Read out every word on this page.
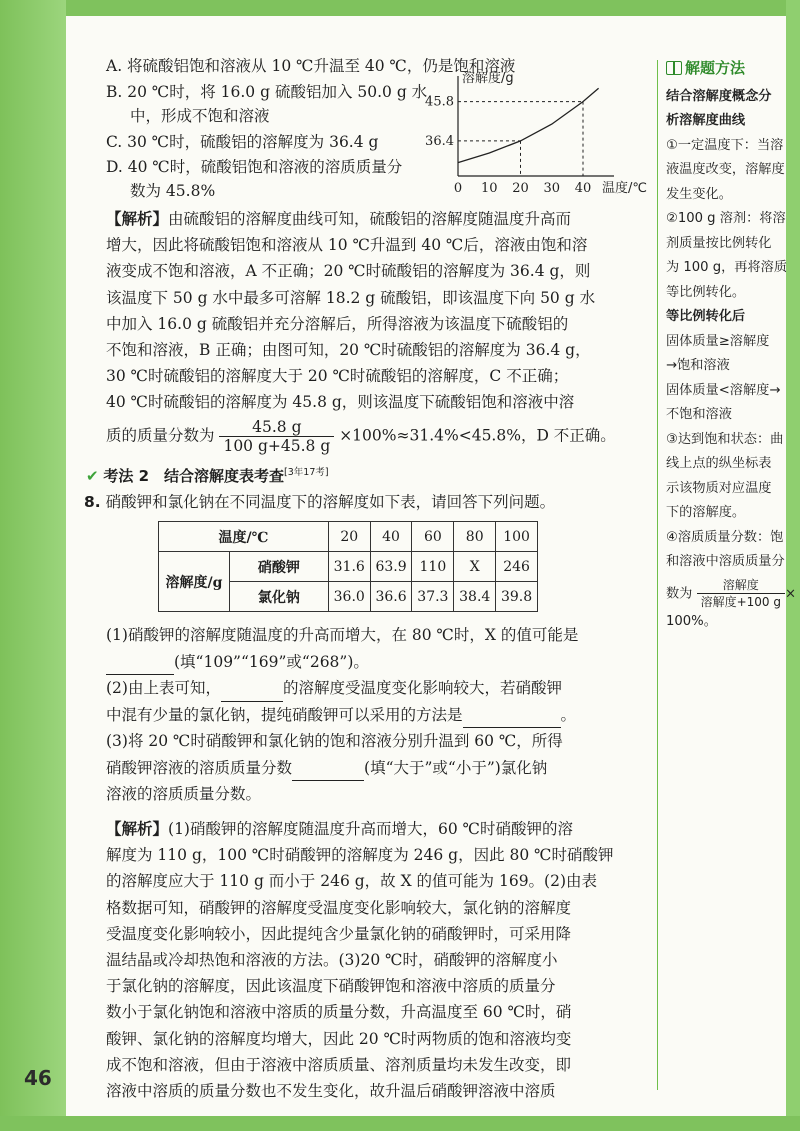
A. 将硫酸铝饱和溶液从 10 ℃升温至 40 ℃，仍是饱和溶液
B. 20 ℃时，将 16.0 g 硫酸铝加入 50.0 g 水
中，形成不饱和溶液
C. 30 ℃时，硫酸铝的溶解度为 36.4 g
D. 40 ℃时，硫酸铝饱和溶液的溶质质量分
数为 45.8%
36.4
45.8
0 10 20 30 40
溶解度/g
温度/℃
【解析】由硫酸铝的溶解度曲线可知，硫酸铝的溶解度随温度升高而
增大，因此将硫酸铝饱和溶液从 10 ℃升温到 40 ℃后，溶液由饱和溶
液变成不饱和溶液，A 不正确；20 ℃时硫酸铝的溶解度为 36.4 g，则
该温度下 50 g 水中最多可溶解 18.2 g 硫酸铝，即该温度下向 50 g 水
中加入 16.0 g 硫酸铝并充分溶解后，所得溶液为该温度下硫酸铝的
不饱和溶液，B 正确；由图可知，20 ℃时硫酸铝的溶解度为 36.4 g，
30 ℃时硫酸铝的溶解度大于 20 ℃时硫酸铝的溶解度，C 不正确；
40 ℃时硫酸铝的溶解度为 45.8 g，则该温度下硫酸铝饱和溶液中溶
质的质量分数为 $\frac{45.8 g}{100 g+45.8 g} \times 100\%\approx 31.4\%<45.8\%$，D 不正确。
✔ 考法 2　结合溶解度表考查[3年17考]
8. 硝酸钾和氯化钠在不同温度下的溶解度如下表，请回答下列问题。
温度/℃		20	40	60	80	100
溶解度/g	硝酸钾	31.6	63.9	110	X	246
	氯化钠	36.0	36.6	37.3	38.4	39.8
(1)硝酸钾的溶解度随温度的升高而增大，在 80 ℃时，X 的值可能是
(填“109”“169”或“268”)。
(2)由上表可知，	的溶解度受温度变化影响较大，若硝酸钾
中混有少量的氯化钠，提纯硝酸钾可以采用的方法是	。
(3)将 20 ℃时硝酸钾和氯化钠的饱和溶液分别升温到 60 ℃，所得
硝酸钾溶液的溶质质量分数	(填“大于”或“小于”)氯化钠
溶液的溶质质量分数。
【解析】(1)硝酸钾的溶解度随温度升高而增大，60 ℃时硝酸钾的溶
解度为 110 g，100 ℃时硝酸钾的溶解度为 246 g，因此 80 ℃时硝酸钾
的溶解度应大于 110 g 而小于 246 g，故 X 的值可能为 169。(2)由表
格数据可知，硝酸钾的溶解度受温度变化影响较大，氯化钠的溶解度
受温度变化影响较小，因此提纯含少量氯化钠的硝酸钾时，可采用降
温结晶或冷却热饱和溶液的方法。(3)20 ℃时，硝酸钾的溶解度小
于氯化钠的溶解度，因此该温度下硝酸钾饱和溶液中溶质的质量分
数小于氯化钠饱和溶液中溶质的质量分数，升高温度至 60 ℃时，硝
酸钾、氯化钠的溶解度均增大，因此 20 ℃时两物质的饱和溶液均变
成不饱和溶液，但由于溶液中溶质质量、溶剂质量均未发生改变，即
溶液中溶质的质量分数也不发生变化，故升温后硝酸钾溶液中溶质
解题方法
结合溶解度概念分
析溶解度曲线
①一定温度下：当溶
液温度改变，溶解度
发生变化。
②100 g 溶剂：将溶
剂质量按比例转化
为 100 g，再将溶质
等比例转化。
等比例转化后
固体质量≥溶解度
→饱和溶液
固体质量<溶解度→
不饱和溶液
③达到饱和状态：曲
线上点的纵坐标表
示该物质对应温度
下的溶解度。
④溶质质量分数：饱
和溶液中溶质质量分
数为 $\frac{\text{溶解度}}{\text{溶解度+100 g}}$ ×
100%。
46
